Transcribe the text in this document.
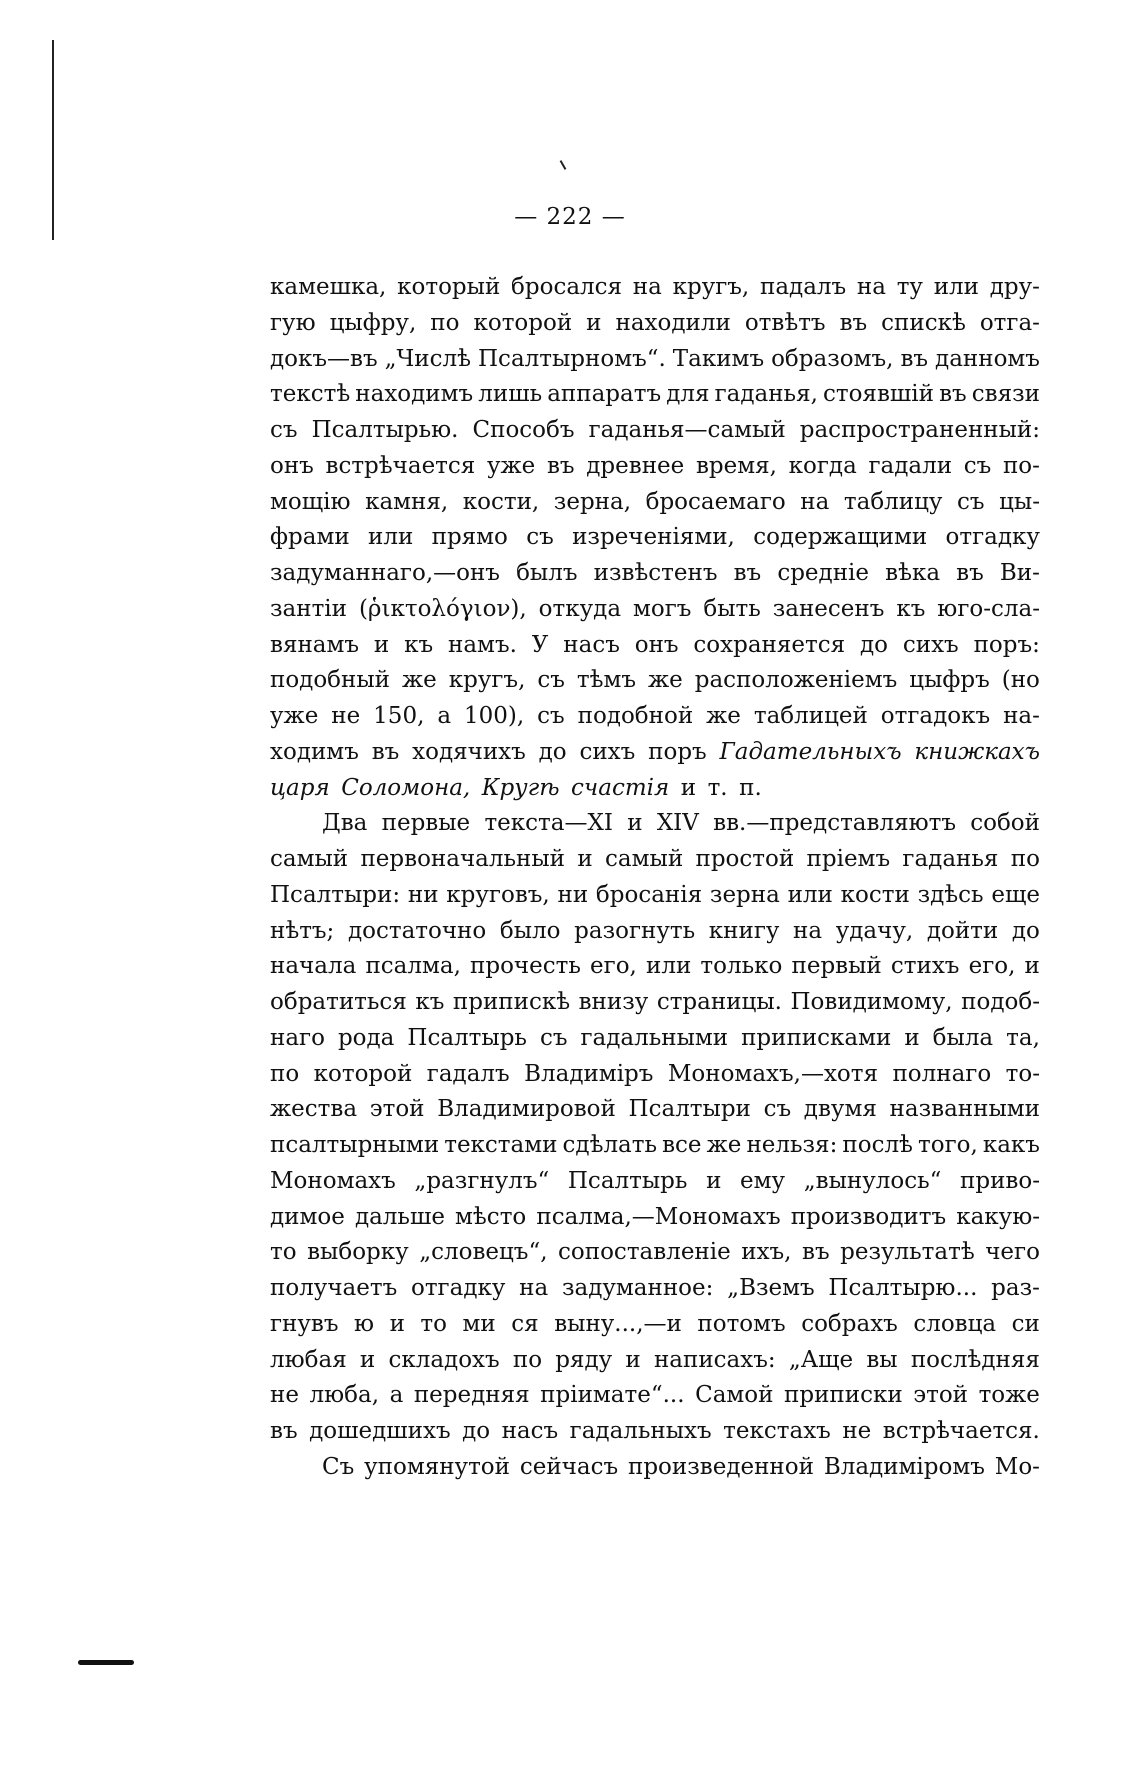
— 222 —
камешка, который бросался на кругъ, падалъ на ту или дру-
гую цыфру, по которой и находили отвѣтъ въ спискѣ отга-
докъ—въ „Числѣ Псалтырномъ“. Такимъ образомъ, въ данномъ
текстѣ находимъ лишь аппаратъ для гаданья, стоявшій въ связи
съ Псалтырью. Способъ гаданья—самый распространенный:
онъ встрѣчается уже въ древнее время, когда гадали съ по-
мощію камня, кости, зерна, бросаемаго на таблицу съ цы-
фрами или прямо съ изреченіями, содержащими отгадку
задуманнаго,—онъ былъ извѣстенъ въ средніе вѣка въ Ви-
зантіи (ῥικτολόγιον), откуда могъ быть занесенъ къ юго-сла-
вянамъ и къ намъ. У насъ онъ сохраняется до сихъ поръ:
подобный же кругъ, съ тѣмъ же расположеніемъ цыфръ (но
уже не 150, а 100), съ подобной же таблицей отгадокъ на-
ходимъ въ ходячихъ до сихъ поръ Гадательныхъ книжкахъ
царя Соломона, Кругѣ счастія и т. п.
Два первые текста—XI и XIV вв.—представляютъ собой
самый первоначальный и самый простой пріемъ гаданья по
Псалтыри: ни круговъ, ни бросанія зерна или кости здѣсь еще
нѣтъ; достаточно было разогнуть книгу на удачу, дойти до
начала псалма, прочесть его, или только первый стихъ его, и
обратиться къ припискѣ внизу страницы. Повидимому, подоб-
наго рода Псалтырь съ гадальными приписками и была та,
по которой гадалъ Владиміръ Мономахъ,—хотя полнаго то-
жества этой Владимировой Псалтыри съ двумя названными
псалтырными текстами сдѣлать все же нельзя: послѣ того, какъ
Мономахъ „разгнулъ“ Псалтырь и ему „вынулось“ приво-
димое дальше мѣсто псалма,—Мономахъ производитъ какую-
то выборку „словецъ“, сопоставленіе ихъ, въ результатѣ чего
получаетъ отгадку на задуманное: „Вземъ Псалтырю... раз-
гнувъ ю и то ми ся выну...,—и потомъ собрахъ словца си
любая и складохъ по ряду и написахъ: „Аще вы послѣдняя
не люба, а передняя пріимате“... Самой приписки этой тоже
въ дошедшихъ до насъ гадальныхъ текстахъ не встрѣчается.
Съ упомянутой сейчасъ произведенной Владиміромъ Мо-
